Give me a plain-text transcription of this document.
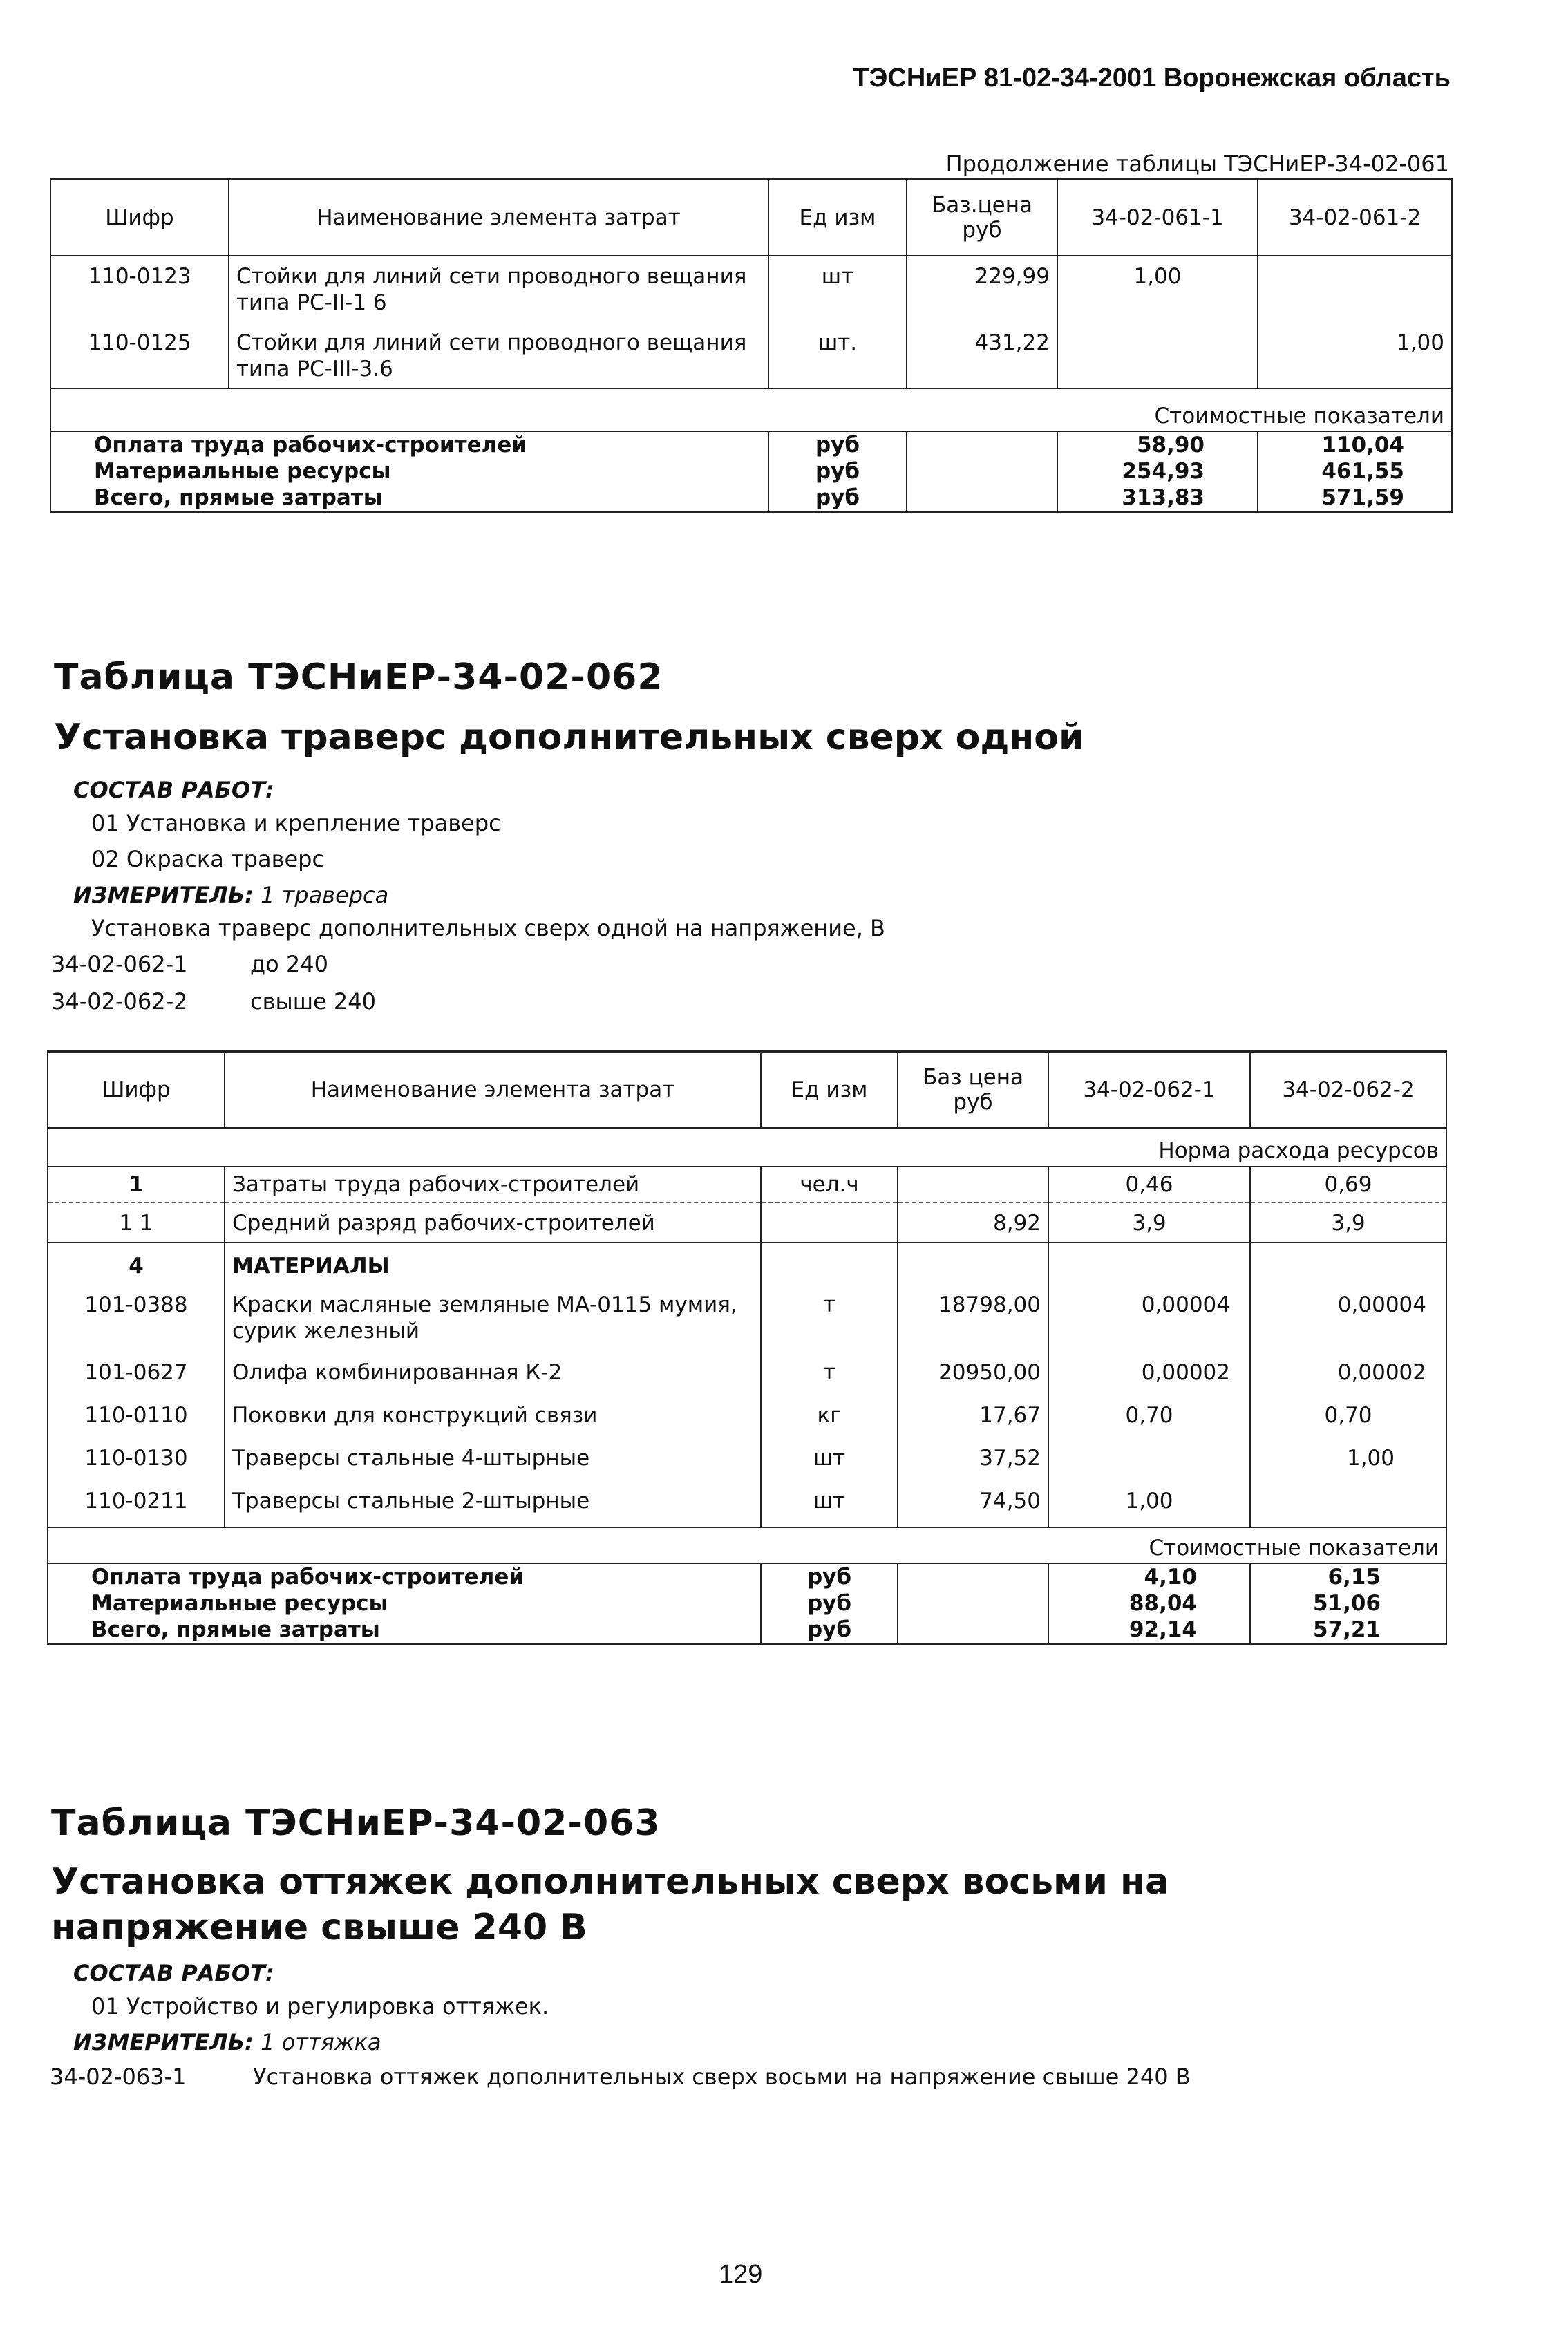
ТЭСНиЕР 81-02-34-2001 Воронежская область
Продолжение таблицы ТЭСНиЕР-34-02-061
Шифр	Наименование элемента затрат	Ед изм	Баз.цена руб	34-02-061-1	34-02-061-2
110-0123	Стойки для линий сети проводного вещания типа РС-II-1 6	шт	229,99	1,00	
110-0125	Стойки для линий сети проводного вещания типа РС-III-3.6	шт.	431,22		1,00
Стоимостные показатели					
Оплата труда рабочих-строителей		руб		58,90	110,04
Материальные ресурсы		руб		254,93	461,55
Всего, прямые затраты		руб		313,83	571,59
Таблица ТЭСНиЕР-34-02-062
Установка траверс дополнительных сверх одной
СОСТАВ РАБОТ:
01 Установка и крепление траверс
02 Окраска траверс
ИЗМЕРИТЕЛЬ: 1 траверса
Установка траверс дополнительных сверх одной на напряжение, В
34-02-062-1	до 240
34-02-062-2	свыше 240
Шифр	Наименование элемента затрат	Ед изм	Баз цена руб	34-02-062-1	34-02-062-2
Норма расхода ресурсов					
1	Затраты труда рабочих-строителей	чел.ч		0,46	0,69
1 1	Средний разряд рабочих-строителей		8,92	3,9	3,9
4	МАТЕРИАЛЫ				
101-0388	Краски масляные земляные МА-0115 мумия, сурик железный	т	18798,00	0,00004	0,00004
101-0627	Олифа комбинированная К-2	т	20950,00	0,00002	0,00002
110-0110	Поковки для конструкций связи	кг	17,67	0,70	0,70
110-0130	Траверсы стальные 4-штырные	шт	37,52		1,00
110-0211	Траверсы стальные 2-штырные	шт	74,50	1,00	
Стоимостные показатели					
Оплата труда рабочих-строителей		руб		4,10	6,15
Материальные ресурсы		руб		88,04	51,06
Всего, прямые затраты		руб		92,14	57,21
Таблица ТЭСНиЕР-34-02-063
Установка оттяжек дополнительных сверх восьми на напряжение свыше 240 В
СОСТАВ РАБОТ:
01 Устройство и регулировка оттяжек.
ИЗМЕРИТЕЛЬ: 1 оттяжка
34-02-063-1	Установка оттяжек дополнительных сверх восьми на напряжение свыше 240 В
129
